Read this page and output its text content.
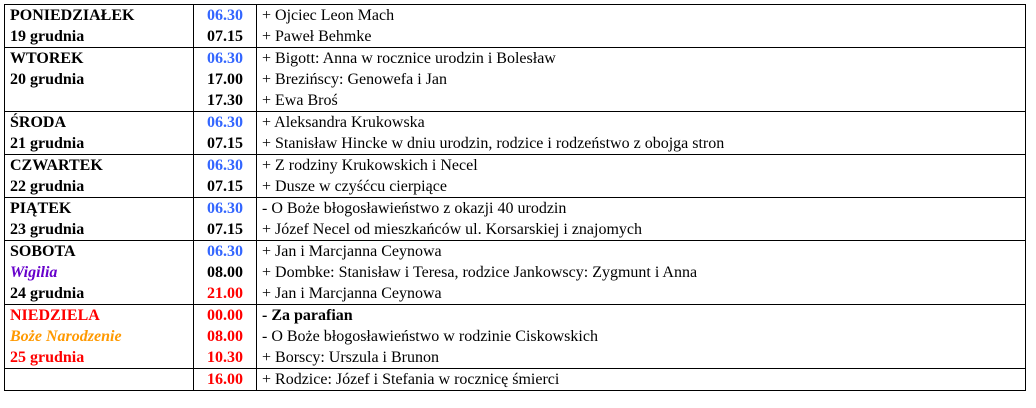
PONIEDZIAŁEK	06.30	+ Ojciec Leon Mach
19 grudnia	07.15	+ Paweł Behmke
WTOREK	06.30	+ Bigott: Anna w rocznice urodzin i Bolesław
20 grudnia	17.00	+ Brezińscy: Genowefa i Jan
	17.30	+ Ewa Broś
ŚRODA	06.30	+ Aleksandra Krukowska
21 grudnia	07.15	+ Stanisław Hincke w dniu urodzin, rodzice i rodzeństwo z obojga stron
CZWARTEK	06.30	+ Z rodziny Krukowskich i Necel
22 grudnia	07.15	+ Dusze w czyśćcu cierpiące
PIĄTEK	06.30	- O Boże błogosławieństwo z okazji 40 urodzin
23 grudnia	07.15	+ Józef Necel od mieszkańców ul. Korsarskiej i znajomych
SOBOTA	06.30	+ Jan i Marcjanna Ceynowa
Wigilia	08.00	+ Dombke: Stanisław i Teresa, rodzice Jankowscy: Zygmunt i Anna
24 grudnia	21.00	+ Jan i Marcjanna Ceynowa
NIEDZIELA	00.00	- Za parafian
Boże Narodzenie	08.00	- O Boże błogosławieństwo w rodzinie Ciskowskich
25 grudnia	10.30	+ Borscy: Urszula i Brunon
	16.00	+ Rodzice: Józef i Stefania w rocznicę śmierci
